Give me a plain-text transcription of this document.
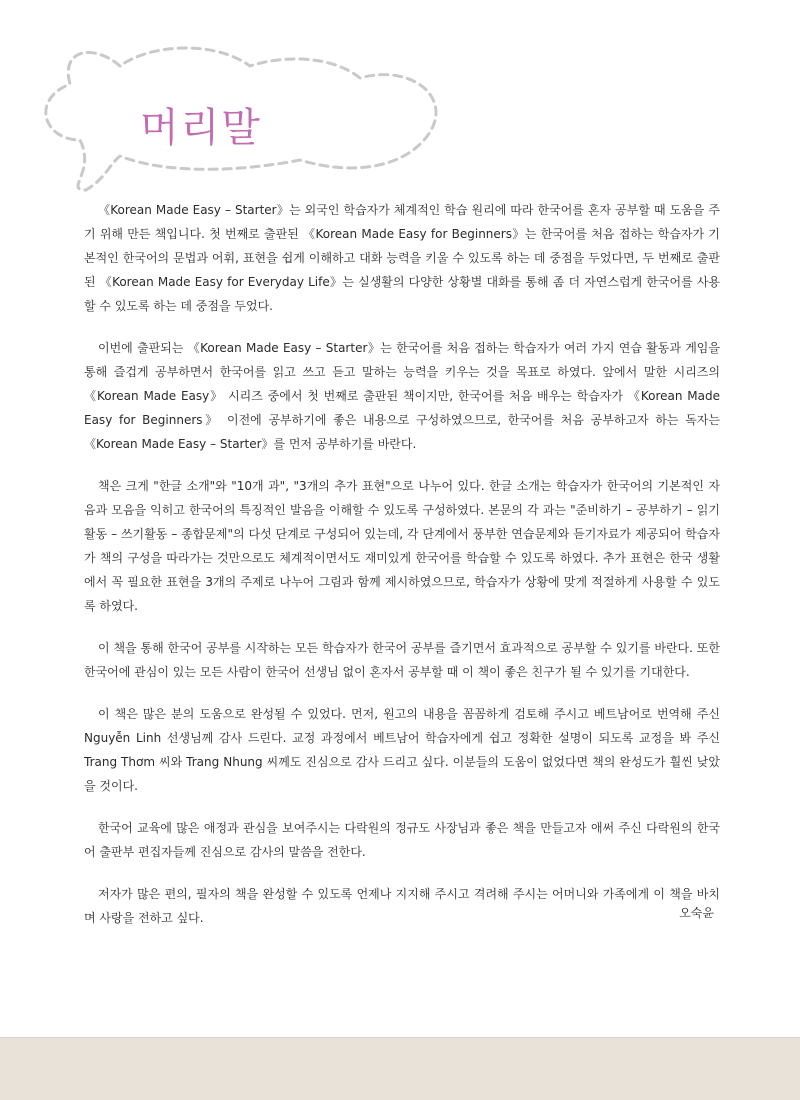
머리말

《Korean Made Easy – Starter》는 외국인 학습자가 체계적인 학습 원리에 따라 한국어를 혼자 공부할 때 도움을 주기 위해 만든 책입니다. 첫 번째로 출판된 《Korean Made Easy for Beginners》는 한국어를 처음 접하는 학습자가 기본적인 한국어의 문법과 어휘, 표현을 쉽게 이해하고 대화 능력을 키울 수 있도록 하는 데 중점을 두었다면, 두 번째로 출판된 《Korean Made Easy for Everyday Life》는 실생활의 다양한 상황별 대화를 통해 좀 더 자연스럽게 한국어를 사용할 수 있도록 하는 데 중점을 두었다.

이번에 출판되는 《Korean Made Easy – Starter》는 한국어를 처음 접하는 학습자가 여러 가지 연습 활동과 게임을 통해 즐겁게 공부하면서 한국어를 읽고 쓰고 듣고 말하는 능력을 키우는 것을 목표로 하였다. 앞에서 말한 시리즈의 《Korean Made Easy》 시리즈 중에서 첫 번째로 출판된 책이지만, 한국어를 처음 배우는 학습자가 《Korean Made Easy for Beginners》 이전에 공부하기에 좋은 내용으로 구성하였으므로, 한국어를 처음 공부하고자 하는 독자는 《Korean Made Easy – Starter》를 먼저 공부하기를 바란다.

책은 크게 "한글 소개"와 "10개 과", "3개의 추가 표현"으로 나누어 있다. 한글 소개는 학습자가 한국어의 기본적인 자음과 모음을 익히고 한국어의 특징적인 발음을 이해할 수 있도록 구성하였다. 본문의 각 과는 "준비하기 – 공부하기 – 읽기활동 – 쓰기활동 – 종합문제"의 다섯 단계로 구성되어 있는데, 각 단계에서 풍부한 연습문제와 듣기자료가 제공되어 학습자가 책의 구성을 따라가는 것만으로도 체계적이면서도 재미있게 한국어를 학습할 수 있도록 하였다. 추가 표현은 한국 생활에서 꼭 필요한 표현을 3개의 주제로 나누어 그림과 함께 제시하였으므로, 학습자가 상황에 맞게 적절하게 사용할 수 있도록 하였다.

이 책을 통해 한국어 공부를 시작하는 모든 학습자가 한국어 공부를 즐기면서 효과적으로 공부할 수 있기를 바란다. 또한 한국어에 관심이 있는 모든 사람이 한국어 선생님 없이 혼자서 공부할 때 이 책이 좋은 친구가 될 수 있기를 기대한다.

이 책은 많은 분의 도움으로 완성될 수 있었다. 먼저, 원고의 내용을 꼼꼼하게 검토해 주시고 베트남어로 번역해 주신 Nguyễn Linh 선생님께 감사 드린다. 교정 과정에서 베트남어 학습자에게 쉽고 정확한 설명이 되도록 교정을 봐 주신 Trang Thơm 씨와 Trang Nhung 씨께도 진심으로 감사 드리고 싶다. 이분들의 도움이 없었다면 책의 완성도가 훨씬 낮았을 것이다.

한국어 교육에 많은 애정과 관심을 보여주시는 다락원의 정규도 사장님과 좋은 책을 만들고자 애써 주신 다락원의 한국어 출판부 편집자들께 진심으로 감사의 말씀을 전한다.

저자가 많은 편의, 필자의 책을 완성할 수 있도록 언제나 지지해 주시고 격려해 주시는 어머니와 가족에게 이 책을 바치며 사랑을 전하고 싶다.	오숙윤
